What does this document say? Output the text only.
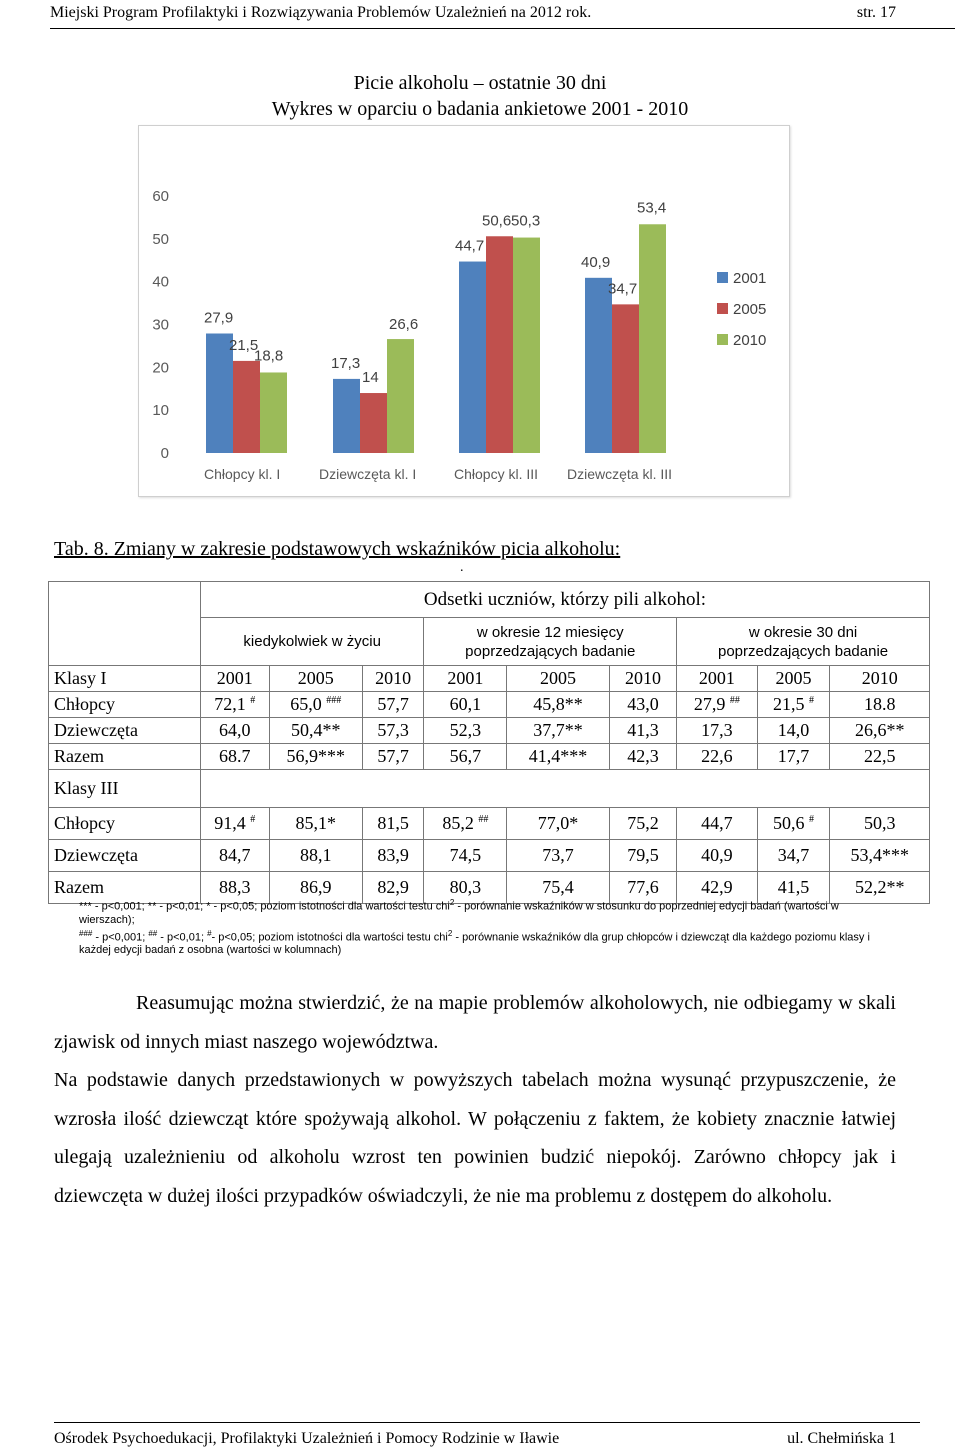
Miejski Program Profilaktyki i Rozwiązywania Problemów Uzależnień na 2012 rok.	str. 17
Picie alkoholu – ostatnie 30 dni
Wykres w oparciu o badania ankietowe 2001 - 2010
0
10
20
30
40
50
60
27,9
21,5
18,8	17,3
14
26,6
44,7
50,6 50,3
40,9
34,7
53,4
Chłopcy kl. I	Dziewczęta kl. I	Chłopcy kl. III Dziewczęta kl. III
2001
2005
2010
Tab. 8. Zmiany w zakresie podstawowych wskaźników picia alkoholu:
.
	Odsetki uczniów, którzy pili alkohol:								
	kiedykolwiek w życiu			w okresie 12 miesięcy
poprzedzających badanie			w okresie 30 dni
poprzedzających badanie		
Klasy I	2001	2005	2010	2001	2005	2010	2001	2005	2010
Chłopcy	72,1 #	65,0 ###	57,7	60,1	45,8**	43,0	27,9 ##	21,5 #	18.8
Dziewczęta	64,0	50,4**	57,3	52,3	37,7**	41,3	17,3	14,0	26,6**
Razem	68.7	56,9***	57,7	56,7	41,4***	42,3	22,6	17,7	22,5
Klasy III									
Chłopcy	91,4 #	85,1*	81,5	85,2 ##	77,0*	75,2	44,7	50,6 #	50,3
Dziewczęta	84,7	88,1	83,9	74,5	73,7	79,5	40,9	34,7	53,4***
Razem	88,3	86,9	82,9	80,3	75,4	77,6	42,9	41,5	52,2**
*** - p<0,001; ** - p<0,01; * - p<0,05; poziom istotności dla wartości testu chi$^2$ - porównanie wskaźników w stosunku do poprzedniej edycji badań (wartości w wierszach);
### - p<0,001; ## - p<0,01; #- p<0,05; poziom istotności dla wartości testu chi$^2$ - porównanie wskaźników dla grup chłopców i dziewcząt dla każdego poziomu klasy i każdej edycji badań z osobna (wartości w kolumnach)

Reasumując można stwierdzić, że na mapie problemów alkoholowych, nie odbiegamy w skali zjawisk od innych miast naszego województwa.

Na podstawie danych przedstawionych w powyższych tabelach można wysunąć przypuszczenie, że wzrosła ilość dziewcząt które spożywają alkohol. W połączeniu z faktem, że kobiety znacznie łatwiej ulegają uzależnieniu od alkoholu wzrost ten powinien budzić niepokój. Zarówno chłopcy jak i dziewczęta w dużej ilości przypadków oświadczyli, że nie ma problemu z dostępem do alkoholu.

Ośrodek Psychoedukacji, Profilaktyki Uzależnień i Pomocy Rodzinie w Iławie	ul. Chełmińska 1
